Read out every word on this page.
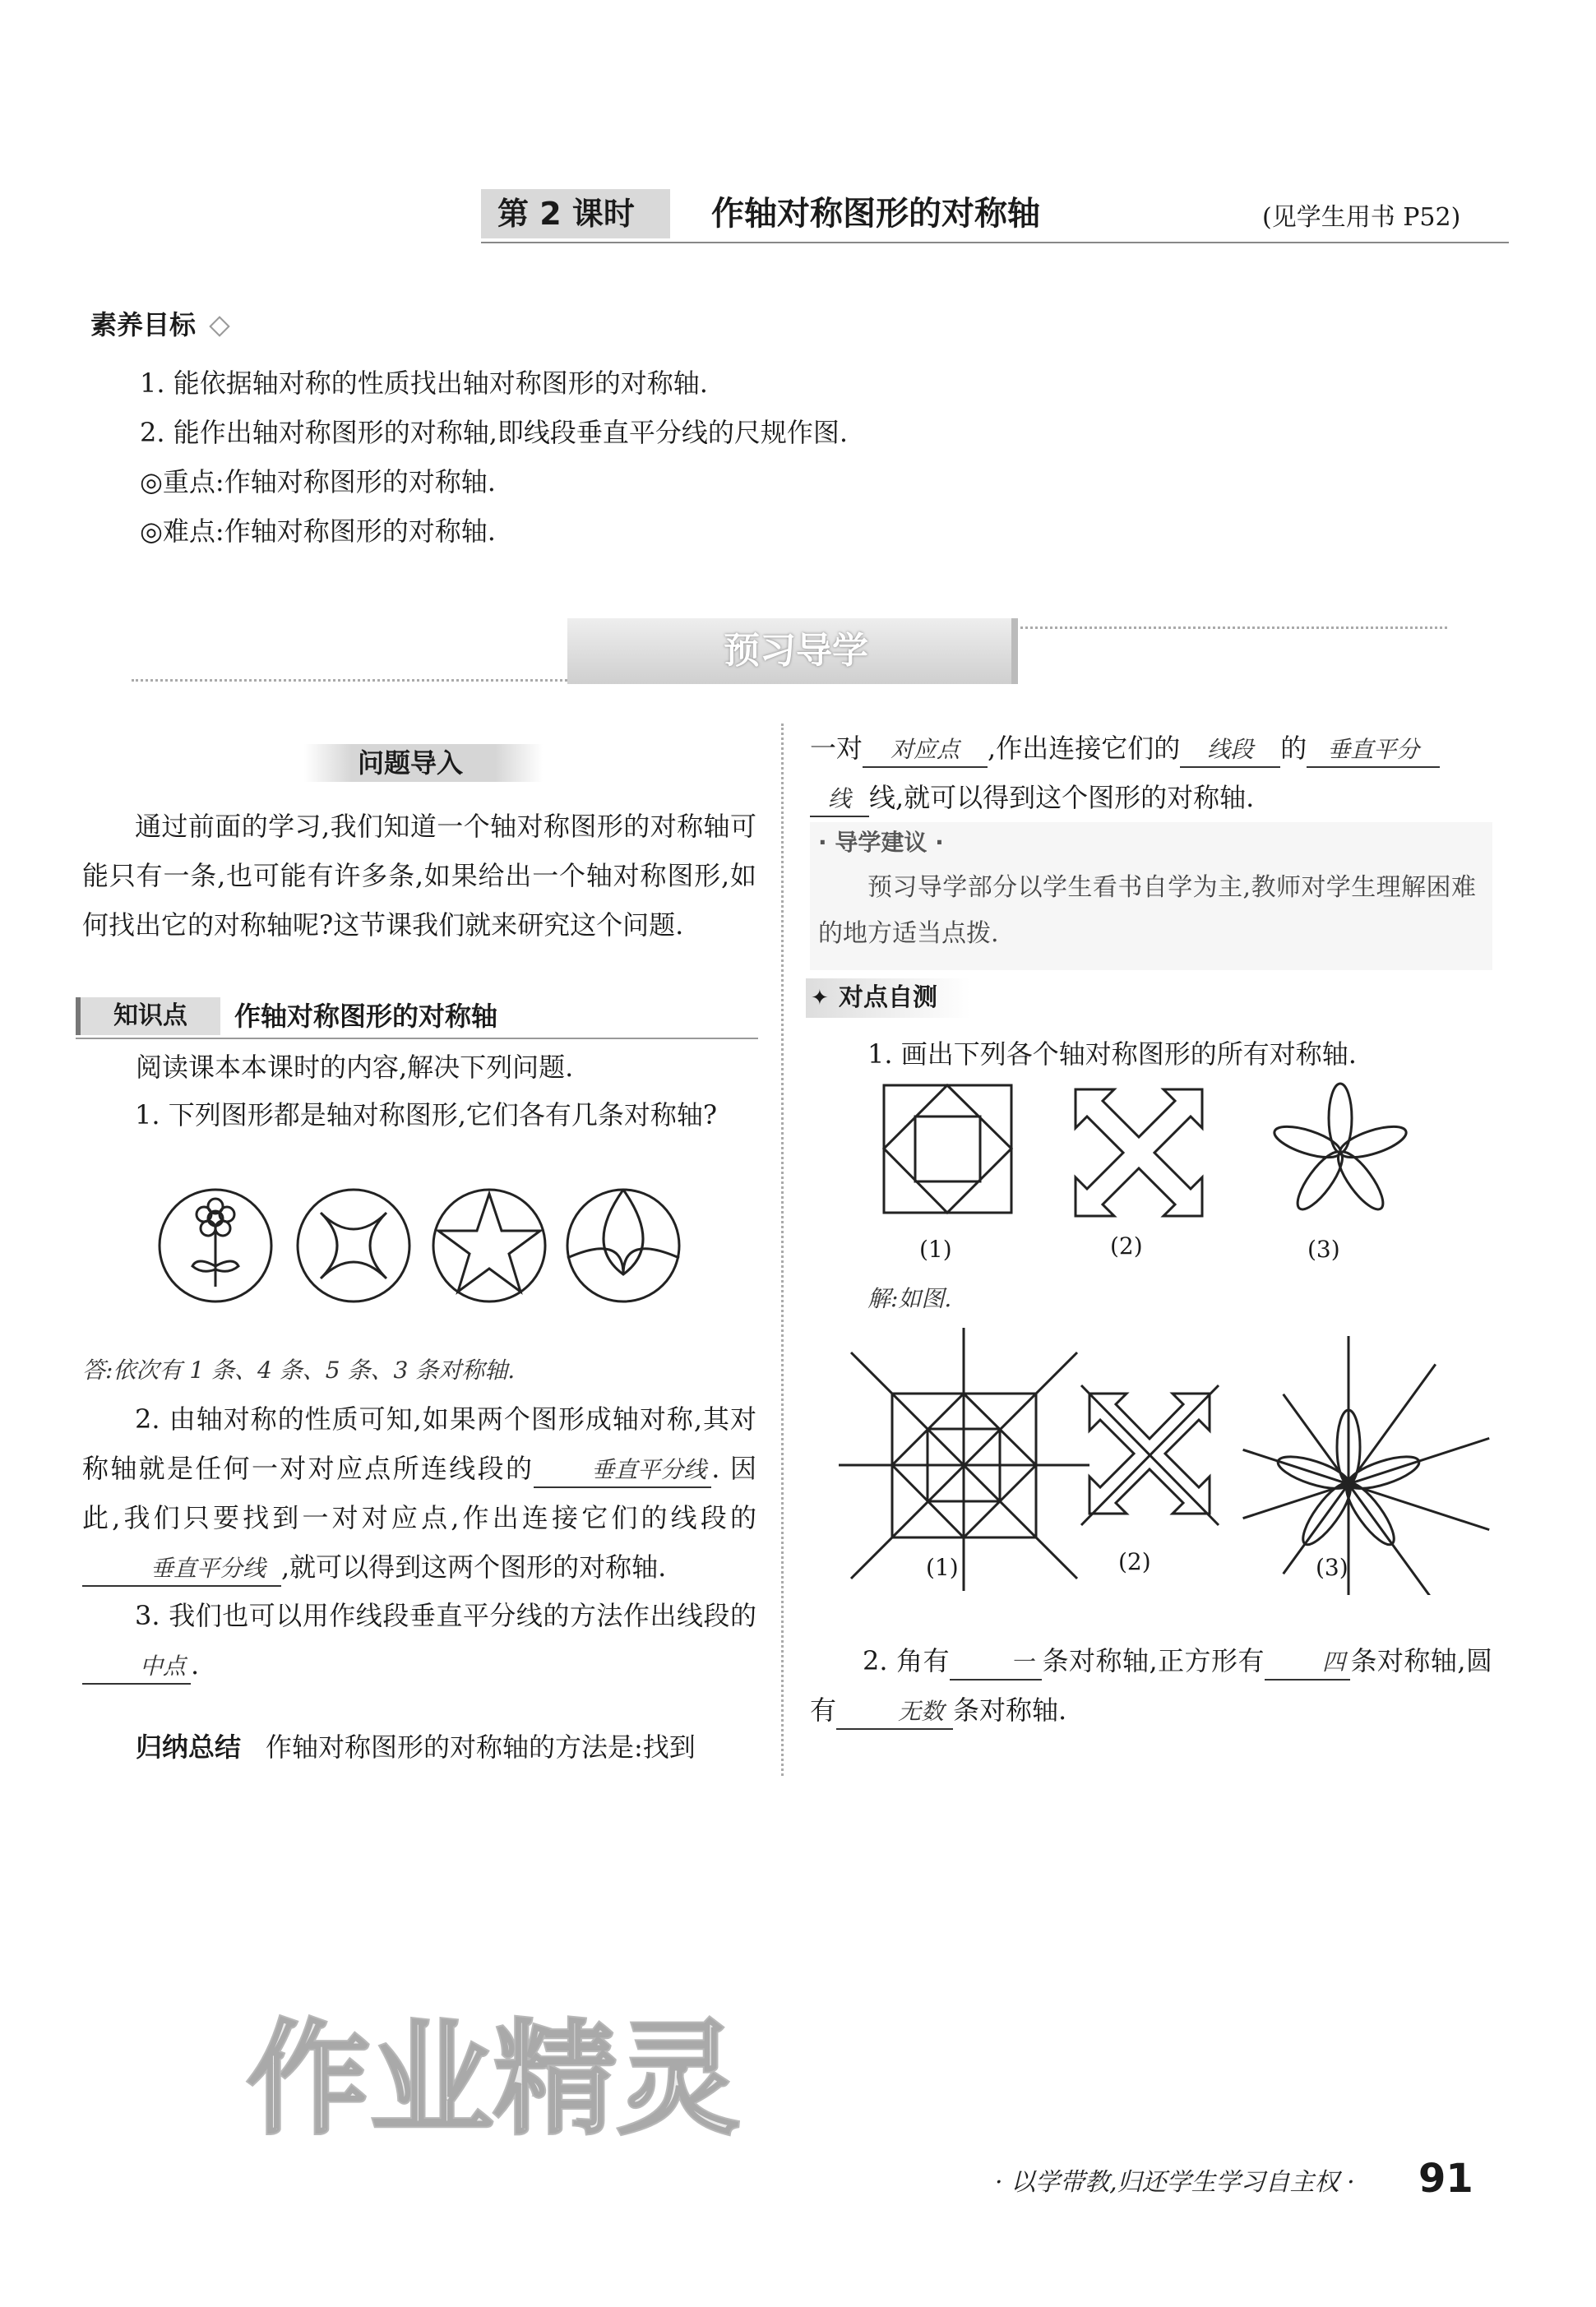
第 2 课时 作轴对称图形的对称轴	(见学生用书 P52)
素养目标
1. 能依据轴对称的性质找出轴对称图形的对称轴.
2. 能作出轴对称图形的对称轴,即线段垂直平分线的尺规作图.
◎重点:作轴对称图形的对称轴.
◎难点:作轴对称图形的对称轴.
预习导学
问题导入
通过前面的学习,我们知道一个轴对称图形的对称轴可能只有一条,也可能有许多条,如果给出一个轴对称图形,如何找出它的对称轴呢?这节课我们就来研究这个问题.
知识点 作轴对称图形的对称轴
阅读课本本课时的内容,解决下列问题.
1. 下列图形都是轴对称图形,它们各有几条对称轴?
答:依次有 1 条、4 条、5 条、3 条对称轴.
2. 由轴对称的性质可知,如果两个图形成轴对称,其对称轴就是任何一对对应点所连线段的	垂直平分线 . 因此,我们只要找到一对对应点,作出连接它们的线段的垂直平分线 ,就可以得到这两个图形的对称轴.
3. 我们也可以用作线段垂直平分线的方法作出线段的中点 .
归纳总结 作轴对称图形的对称轴的方法是:找到
一对 对应点 ,作出连接它们的 线段 的 垂直平分
线 线,就可以得到这个图形的对称轴.
· 导学建议 ·
预习导学部分以学生看书自学为主,教师对学生理解困难的地方适当点拨.
✦ 对点自测
1. 画出下列各个轴对称图形的所有对称轴.
(1)	(2)	(3)
解:如图.
(1)	(2)	(3)
2. 角有	一 条对称轴,正方形有	四 条对称轴,圆有	无数 条对称轴.
作业精灵
· 以学带教,归还学生学习自主权 · 91
